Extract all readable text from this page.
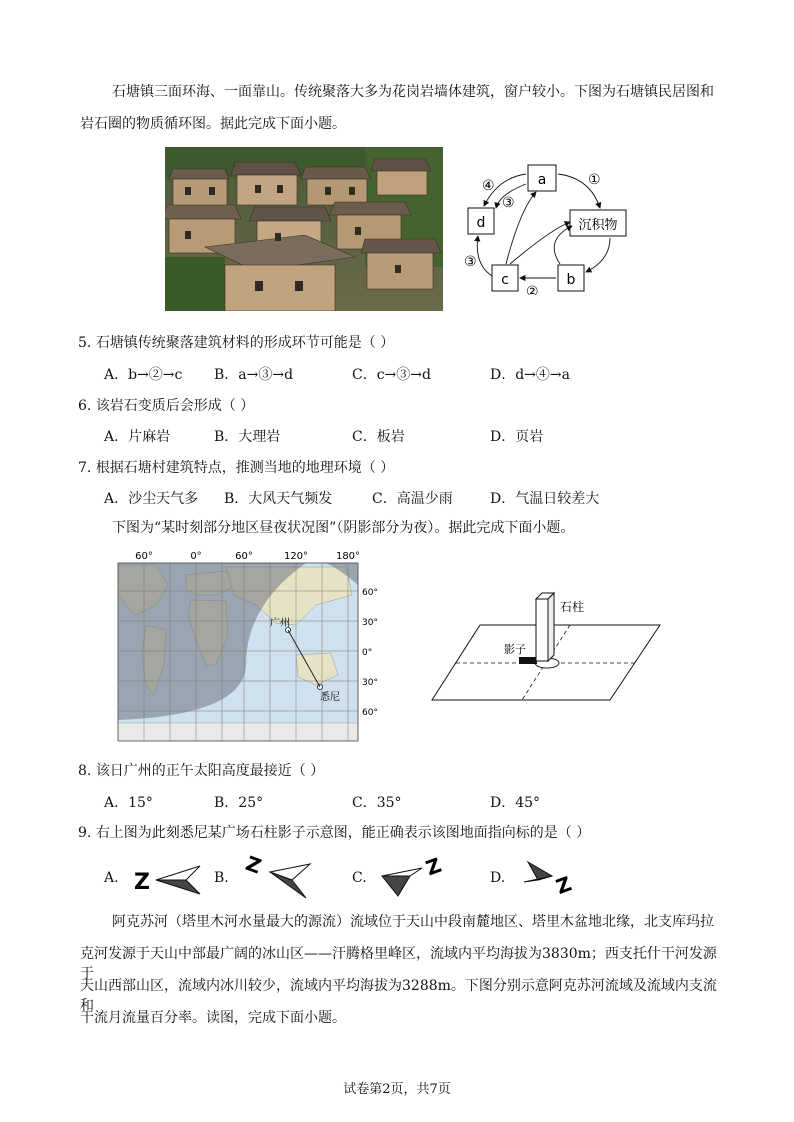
石塘镇三面环海、一面靠山。传统聚落大多为花岗岩墙体建筑，窗户较小。下图为石塘镇民居图和
岩石圈的物质循环图。据此完成下面小题。
a
d	沉积物
c	b
①
④
③
③
②
5. 石塘镇传统聚落建筑材料的形成环节可能是（ ）
A．b→②→c B．a→③→d	C．c→③→d	D．d→④→a
6. 该岩石变质后会形成（ ）
A．片麻岩	B．大理岩	C．板岩	D．页岩
7. 根据石塘村建筑特点，推测当地的地理环境（ ）
A．沙尘天气多 B．大风天气频发	C．高温少雨	D．气温日较差大
下图为“某时刻部分地区昼夜状况图”（阴影部分为夜）。据此完成下面小题。
60°	0°	60°	120°	180°
60°
30°
0°
30°
60°
广州
悉尼
石柱
影子
8. 该日广州的正午太阳高度最接近（ ）
A．15°	B．25°	C．35°	D．45°
9. 右上图为此刻悉尼某广场石柱影子示意图，能正确表示该图地面指向标的是（ ）
A. Z	B. Z	C.	Z	D. Z
阿克苏河（塔里木河水量最大的源流）流域位于天山中段南麓地区、塔里木盆地北缘，北支库玛拉
克河发源于天山中部最广阔的冰山区——汗腾格里峰区，流域内平均海拔为3830m；西支托什干河发源于
天山西部山区，流域内冰川较少，流域内平均海拔为3288m。下图分别示意阿克苏河流域及流域内支流和
干流月流量百分率。读图，完成下面小题。
试卷第2页，共7页
